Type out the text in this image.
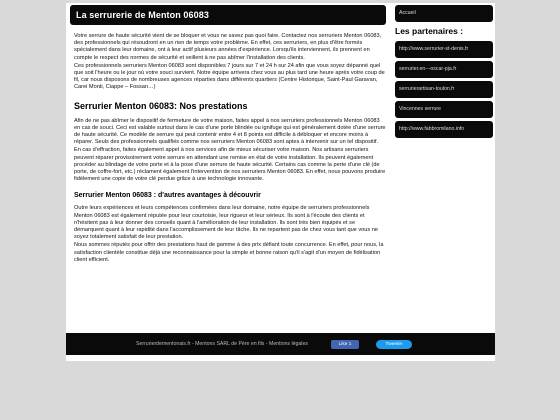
La serrurerie de Menton 06083

Votre serrure de haute sécurité vient de se bloquer et vous ne savez pas quoi faire. Contactez nos serruriers Menton 06083, des professionnels qui résoudront en un rien de temps votre problème. En effet, ces serruriers, en plus d'être formés spécialement dans leur domaine, ont à leur actif plusieurs années d'expérience. Lorsqu'ils interviennent, ils prennent en compte le respect des normes de sécurité et veillent à ne pas abîmer l'installation des clients.

Ces professionnels serruriers Menton 06083 sont disponibles 7 jours sur 7 et 24 h sur 24 afin que vous soyez dépanné quel que soit l'heure ou le jour où votre souci survient. Notre équipe arrivera chez vous au plus tard une heure après votre coup de fil, car nous disposons de nombreuses agences réparties dans différents quartiers (Centre Historique, Saint-Paul Garavan, Carei Monti, Ciappe – Fossan…)

Serrurier Menton 06083: Nos prestations

Afin de ne pas abîmer le dispositif de fermeture de votre maison, faites appel à nos serruriers professionnels Menton 06083 en cas de souci. Ceci est valable surtout dans le cas d'une porte blindée ou ignifuge qui est généralement dotée d'une serrure de haute sécurité. Ce modèle de serrure qui peut contenir entre 4 et 8 points est difficile à débloquer et encore moins à réparer. Seuls des professionnels qualifiés comme nos serruriers Menton 06083 sont aptes à intervenir sur un tel dispositif.

En cas d'effraction, faites également appel à nos services afin de mieux sécuriser votre maison. Nos artisans serruriers peuvent réparer provisoirement votre serrure en attendant une remise en état de votre installation. Ils peuvent également procéder au blindage de votre porte et à la pose d'une serrure de haute sécurité. Certains cas comme la perte d'une clé (de porte, de coffre-fort, etc.) réclament également l'intervention de nos serruriers Menton 06083. En effet, nous pouvons produire fidèlement une copie de votre clé perdue grâce à une technologie innovante.

Serrurier Menton 06083 : d'autres avantages à découvrir

Outre leurs expériences et leurs compétences confirmées dans leur domaine, notre équipe de serruriers professionnels Menton 06083 est également réputée pour leur courtoisie, leur rigueur et leur sérieux. Ils sont à l'écoute des clients et n'hésitent pas à leur donner des conseils quant à l'amélioration de leur installation. Ils sont très bien équipés et se démarquent quant à leur rapidité dans l'accomplissement de leur tâche. Ils ne repartent pas de chez vous tant que vous ne soyez totalement satisfait de leur prestation.

Nous sommes réputés pour offrir des prestations haut de gamme à des prix défiant toute concurrence. En effet, pour nous, la satisfaction clientèle constitue déjà une reconnaissance pour la simple et bonne raison qu'il s'agit d'un moyen de fidélisation client efficient.

Accueil
Les partenaires :
http://www.serrurier-st-denis.fr
serrurier.en---oscar-pja.fr
serrurierartisan-toulon.fr
Vincennes serrure
http://www.fabbromilano.info
Serrurierdementonais.fr - Mentons SARL de Père en fils - Mentions légales	Like 1	Tweeter
